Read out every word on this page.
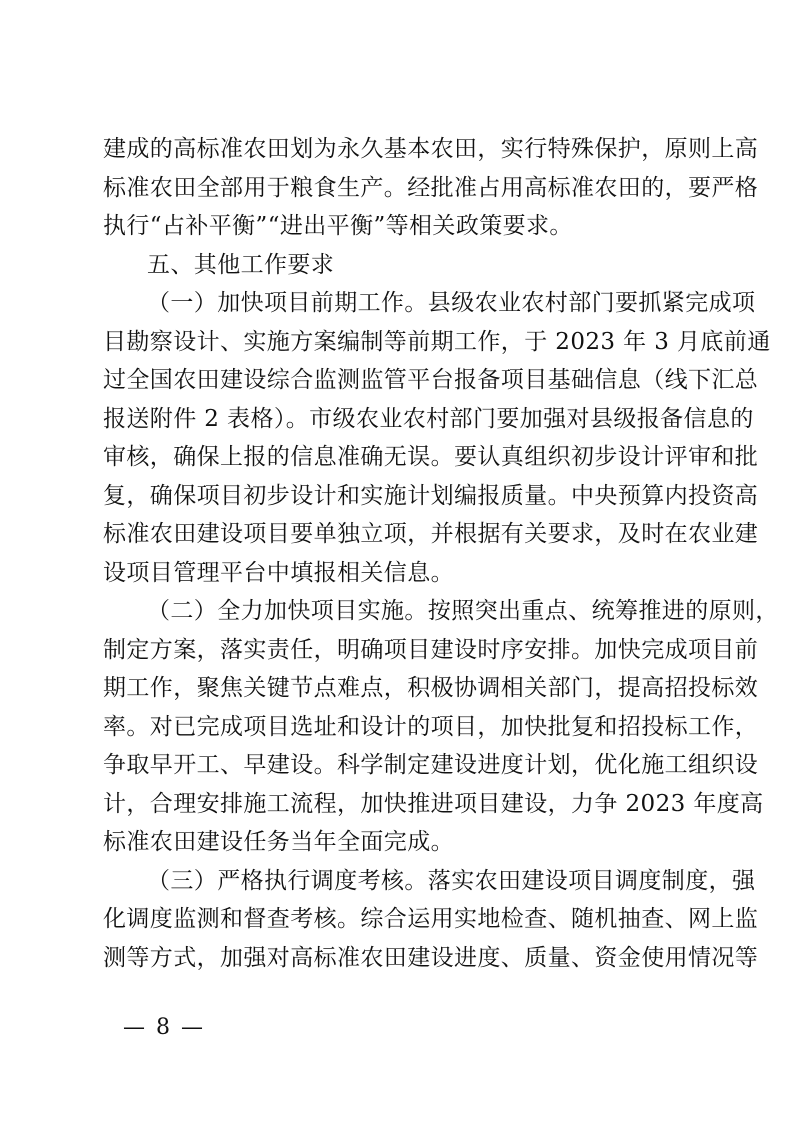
建成的高标准农田划为永久基本农田，实行特殊保护，原则上高
标准农田全部用于粮食生产。经批准占用高标准农田的，要严格
执行“占补平衡”“进出平衡”等相关政策要求。
五、其他工作要求
（一）加快项目前期工作。县级农业农村部门要抓紧完成项
目勘察设计、实施方案编制等前期工作，于 2023 年 3 月底前通
过全国农田建设综合监测监管平台报备项目基础信息（线下汇总
报送附件 2 表格）。市级农业农村部门要加强对县级报备信息的
审核，确保上报的信息准确无误。要认真组织初步设计评审和批
复，确保项目初步设计和实施计划编报质量。中央预算内投资高
标准农田建设项目要单独立项，并根据有关要求，及时在农业建
设项目管理平台中填报相关信息。
（二）全力加快项目实施。按照突出重点、统筹推进的原则，
制定方案，落实责任，明确项目建设时序安排。加快完成项目前
期工作，聚焦关键节点难点，积极协调相关部门，提高招投标效
率。对已完成项目选址和设计的项目，加快批复和招投标工作，
争取早开工、早建设。科学制定建设进度计划，优化施工组织设
计，合理安排施工流程，加快推进项目建设，力争 2023 年度高
标准农田建设任务当年全面完成。
（三）严格执行调度考核。落实农田建设项目调度制度，强
化调度监测和督查考核。综合运用实地检查、随机抽查、网上监
测等方式，加强对高标准农田建设进度、质量、资金使用情况等
— 8 —
